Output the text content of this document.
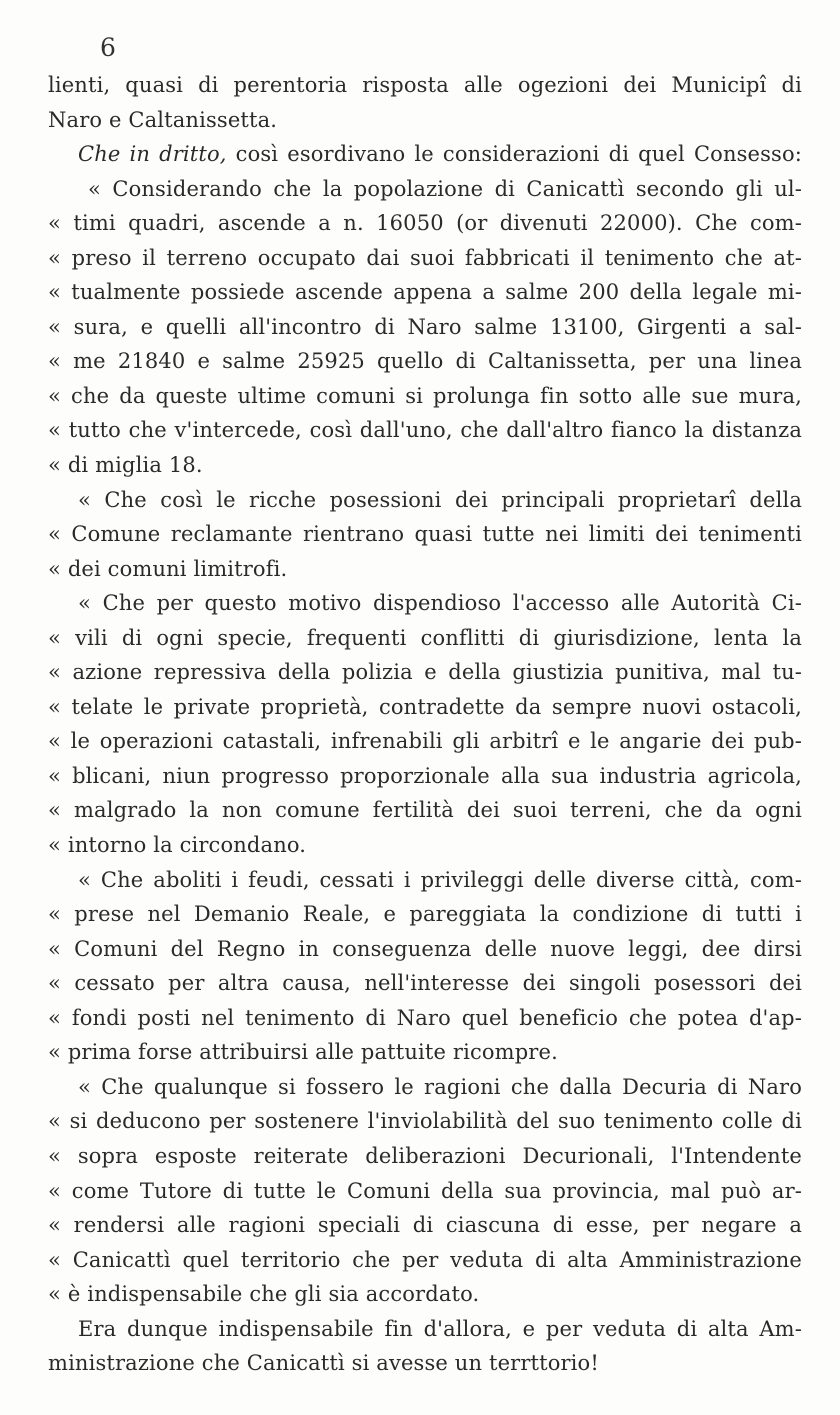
6
lienti, quasi di perentoria risposta alle ogezioni dei Municipî di
Naro e Caltanissetta.
Che in dritto, così esordivano le considerazioni di quel Consesso:
« Considerando che la popolazione di Canicattì secondo gli ul-
« timi quadri, ascende a n. 16050 (or divenuti 22000). Che com-
« preso il terreno occupato dai suoi fabbricati il tenimento che at-
« tualmente possiede ascende appena a salme 200 della legale mi-
« sura, e quelli all'incontro di Naro salme 13100, Girgenti a sal-
« me 21840 e salme 25925 quello di Caltanissetta, per una linea
« che da queste ultime comuni si prolunga fin sotto alle sue mura,
« tutto che v'intercede, così dall'uno, che dall'altro fianco la distanza
« di miglia 18.
« Che così le ricche posessioni dei principali proprietarî della
« Comune reclamante rientrano quasi tutte nei limiti dei tenimenti
« dei comuni limitrofi.
« Che per questo motivo dispendioso l'accesso alle Autorità Ci-
« vili di ogni specie, frequenti conflitti di giurisdizione, lenta la
« azione repressiva della polizia e della giustizia punitiva, mal tu-
« telate le private proprietà, contradette da sempre nuovi ostacoli,
« le operazioni catastali, infrenabili gli arbitrî e le angarie dei pub-
« blicani, niun progresso proporzionale alla sua industria agricola,
« malgrado la non comune fertilità dei suoi terreni, che da ogni
« intorno la circondano.
« Che aboliti i feudi, cessati i privileggi delle diverse città, com-
« prese nel Demanio Reale, e pareggiata la condizione di tutti i
« Comuni del Regno in conseguenza delle nuove leggi, dee dirsi
« cessato per altra causa, nell'interesse dei singoli posessori dei
« fondi posti nel tenimento di Naro quel beneficio che potea d'ap-
« prima forse attribuirsi alle pattuite ricompre.
« Che qualunque si fossero le ragioni che dalla Decuria di Naro
« si deducono per sostenere l'inviolabilità del suo tenimento colle di
« sopra esposte reiterate deliberazioni Decurionali, l'Intendente
« come Tutore di tutte le Comuni della sua provincia, mal può ar-
« rendersi alle ragioni speciali di ciascuna di esse, per negare a
« Canicattì quel territorio che per veduta di alta Amministrazione
« è indispensabile che gli sia accordato.
Era dunque indispensabile fin d'allora, e per veduta di alta Am-
ministrazione che Canicattì si avesse un terrttorio!
